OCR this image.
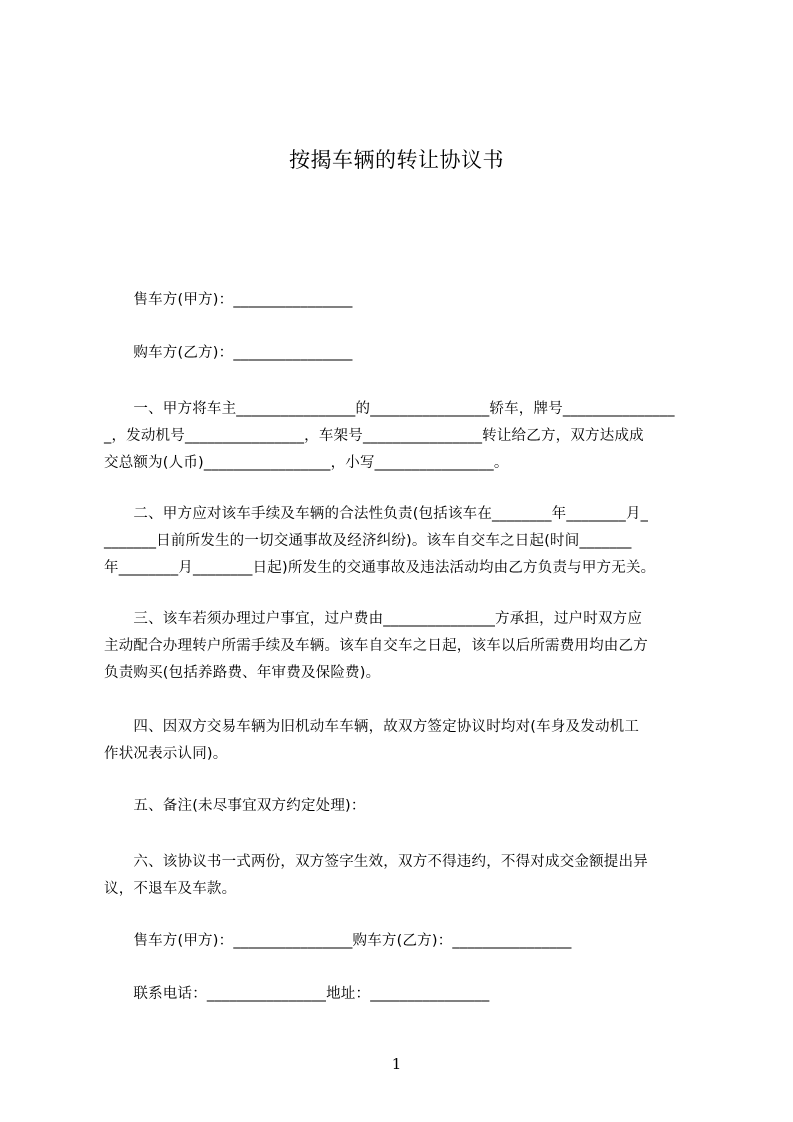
按揭车辆的转让协议书
　　售车方(甲方)：________________
　　购车方(乙方)：________________
　　一、甲方将车主________________的________________轿车，牌号_______________
_，发动机号________________，车架号________________转让给乙方，双方达成成
交总额为(人币)_________________，小写________________。
　　二、甲方应对该车手续及车辆的合法性负责(包括该车在________年________月_
_______日前所发生的一切交通事故及经济纠纷)。该车自交车之日起(时间_______
年________月________日起)所发生的交通事故及违法活动均由乙方负责与甲方无关。
　　三、该车若须办理过户事宜，过户费由_______________方承担，过户时双方应
主动配合办理转户所需手续及车辆。该车自交车之日起，该车以后所需费用均由乙方
负责购买(包括养路费、年审费及保险费)。
　　四、因双方交易车辆为旧机动车车辆，故双方签定协议时均对(车身及发动机工
作状况表示认同)。
　　五、备注(未尽事宜双方约定处理)：
　　六、该协议书一式两份，双方签字生效，双方不得违约，不得对成交金额提出异
议，不退车及车款。
　　售车方(甲方)：________________购车方(乙方)：________________
　　联系电话：________________地址：________________
1
